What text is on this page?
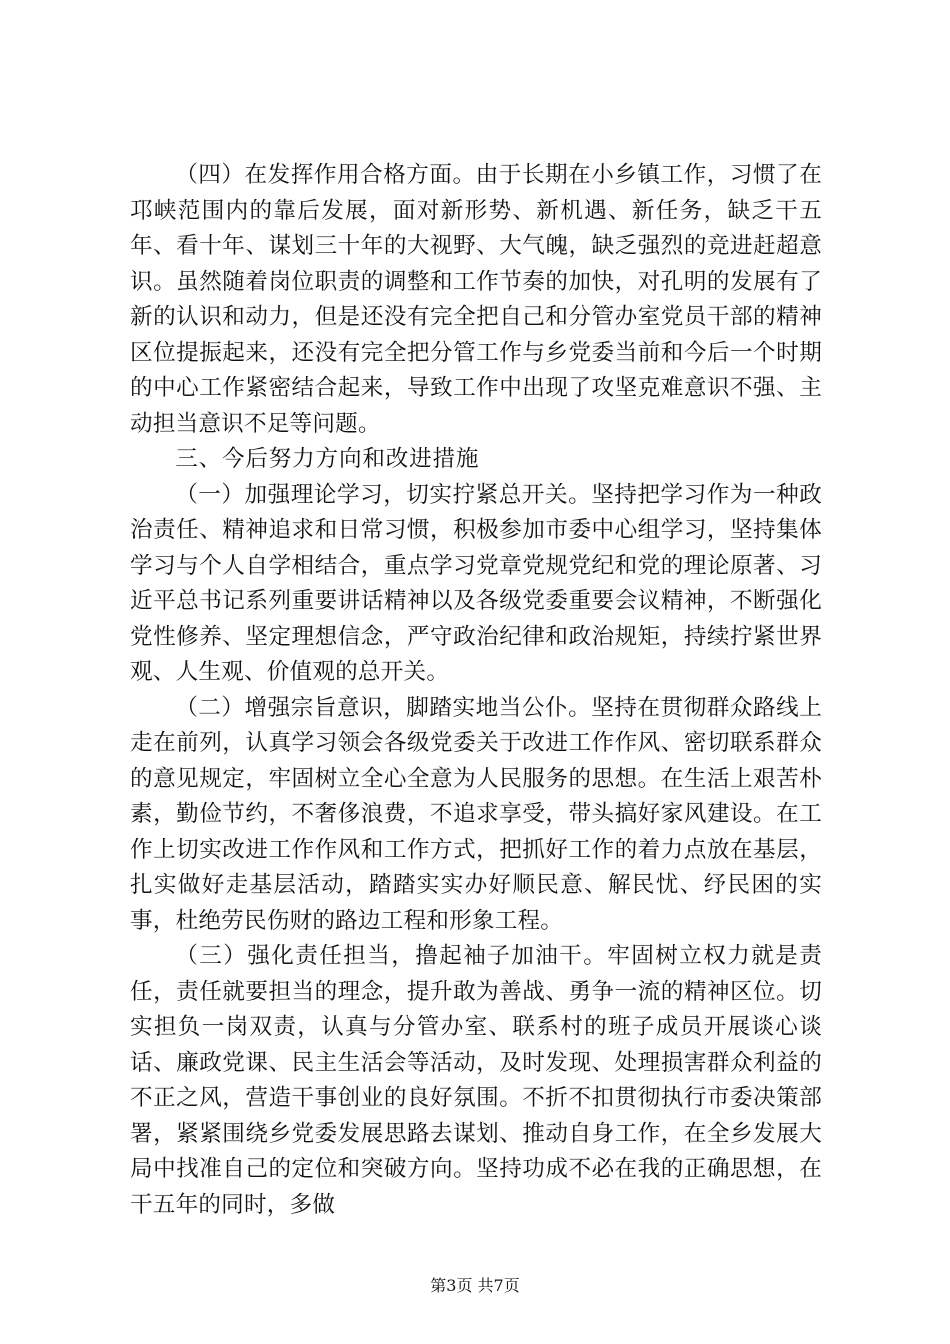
（四）在发挥作用合格方面。由于长期在小乡镇工作，习惯了在邛峡范围内的靠后发展，面对新形势、新机遇、新任务，缺乏干五年、看十年、谋划三十年的大视野、大气魄，缺乏强烈的竞进赶超意识。虽然随着岗位职责的调整和工作节奏的加快，对孔明的发展有了新的认识和动力，但是还没有完全把自己和分管办室党员干部的精神区位提振起来，还没有完全把分管工作与乡党委当前和今后一个时期的中心工作紧密结合起来，导致工作中出现了攻坚克难意识不强、主动担当意识不足等问题。

三、今后努力方向和改进措施

（一）加强理论学习，切实拧紧总开关。坚持把学习作为一种政治责任、精神追求和日常习惯，积极参加市委中心组学习，坚持集体学习与个人自学相结合，重点学习党章党规党纪和党的理论原著、习近平总书记系列重要讲话精神以及各级党委重要会议精神，不断强化党性修养、坚定理想信念，严守政治纪律和政治规矩，持续拧紧世界观、人生观、价值观的总开关。

（二）增强宗旨意识，脚踏实地当公仆。坚持在贯彻群众路线上走在前列，认真学习领会各级党委关于改进工作作风、密切联系群众的意见规定，牢固树立全心全意为人民服务的思想。在生活上艰苦朴素，勤俭节约，不奢侈浪费，不追求享受，带头搞好家风建设。在工作上切实改进工作作风和工作方式，把抓好工作的着力点放在基层，扎实做好走基层活动，踏踏实实办好顺民意、解民忧、纾民困的实事，杜绝劳民伤财的路边工程和形象工程。

（三）强化责任担当，撸起袖子加油干。牢固树立权力就是责任，责任就要担当的理念，提升敢为善战、勇争一流的精神区位。切实担负一岗双责，认真与分管办室、联系村的班子成员开展谈心谈话、廉政党课、民主生活会等活动，及时发现、处理损害群众利益的不正之风，营造干事创业的良好氛围。不折不扣贯彻执行市委决策部署，紧紧围绕乡党委发展思路去谋划、推动自身工作，在全乡发展大局中找准自己的定位和突破方向。坚持功成不必在我的正确思想，在干五年的同时，多做

第3页 共7页
